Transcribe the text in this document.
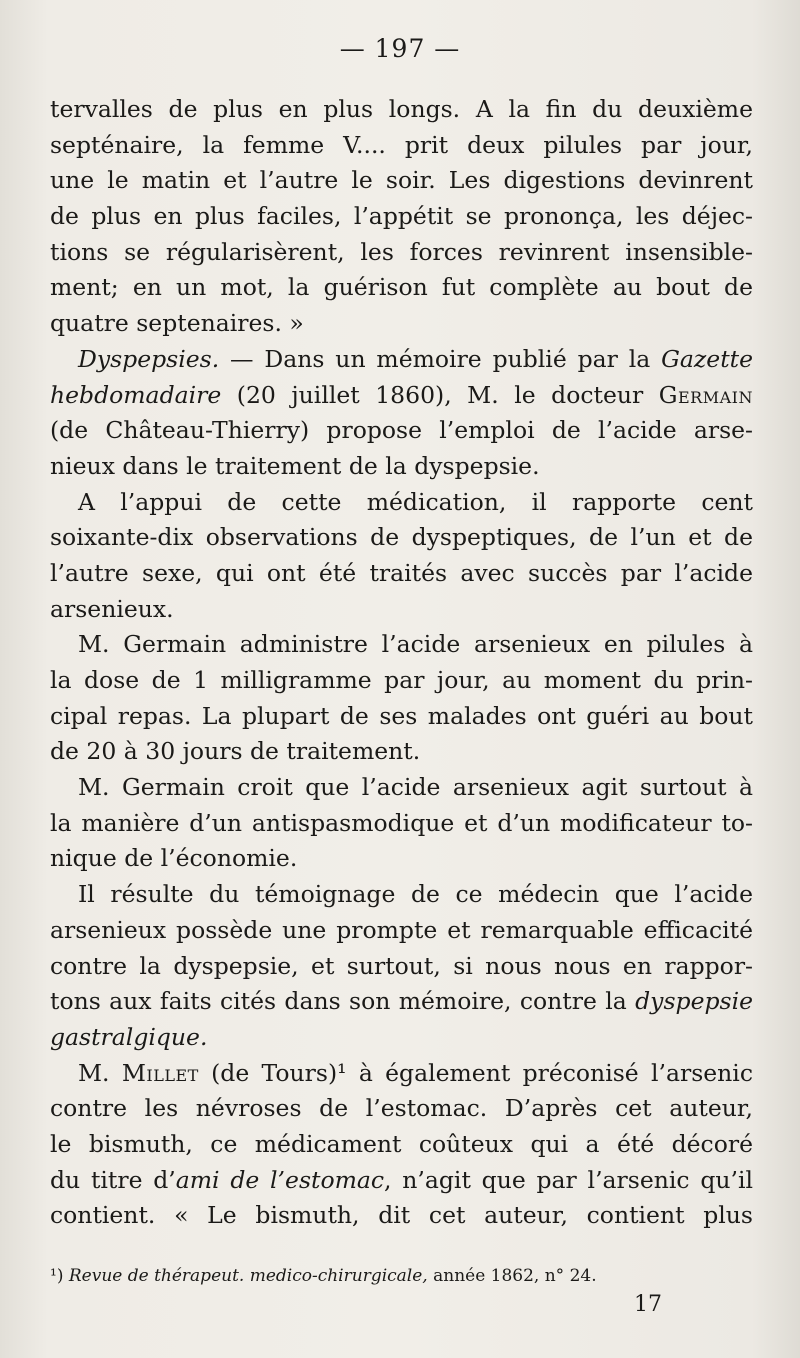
— 197 —
tervalles de plus en plus longs. A la fin du deuxième
septénaire, la femme V.... prit deux pilules par jour,
une le matin et l’autre le soir. Les digestions devinrent
de plus en plus faciles, l’appétit se prononça, les déjec-
tions se régularisèrent, les forces revinrent insensible-
ment; en un mot, la guérison fut complète au bout de
quatre septenaires. »
Dyspepsies. — Dans un mémoire publié par la Gazette
hebdomadaire (20 juillet 1860), M. le docteur Germain
(de Château-Thierry) propose l’emploi de l’acide arse-
nieux dans le traitement de la dyspepsie.
A l’appui de cette médication, il rapporte cent
soixante-dix observations de dyspeptiques, de l’un et de
l’autre sexe, qui ont été traités avec succès par l’acide
arsenieux.
M. Germain administre l’acide arsenieux en pilules à
la dose de 1 milligramme par jour, au moment du prin-
cipal repas. La plupart de ses malades ont guéri au bout
de 20 à 30 jours de traitement.
M. Germain croit que l’acide arsenieux agit surtout à
la manière d’un antispasmodique et d’un modificateur to-
nique de l’économie.
Il résulte du témoignage de ce médecin que l’acide
arsenieux possède une prompte et remarquable efficacité
contre la dyspepsie, et surtout, si nous nous en rappor-
tons aux faits cités dans son mémoire, contre la dyspepsie
gastralgique.
M. Millet (de Tours)¹ à également préconisé l’arsenic
contre les névroses de l’estomac. D’après cet auteur,
le bismuth, ce médicament coûteux qui a été décoré
du titre d’ami de l’estomac, n’agit que par l’arsenic qu’il
contient. « Le bismuth, dit cet auteur, contient plus
¹) Revue de thérapeut. medico-chirurgicale, année 1862, n° 24.
17
